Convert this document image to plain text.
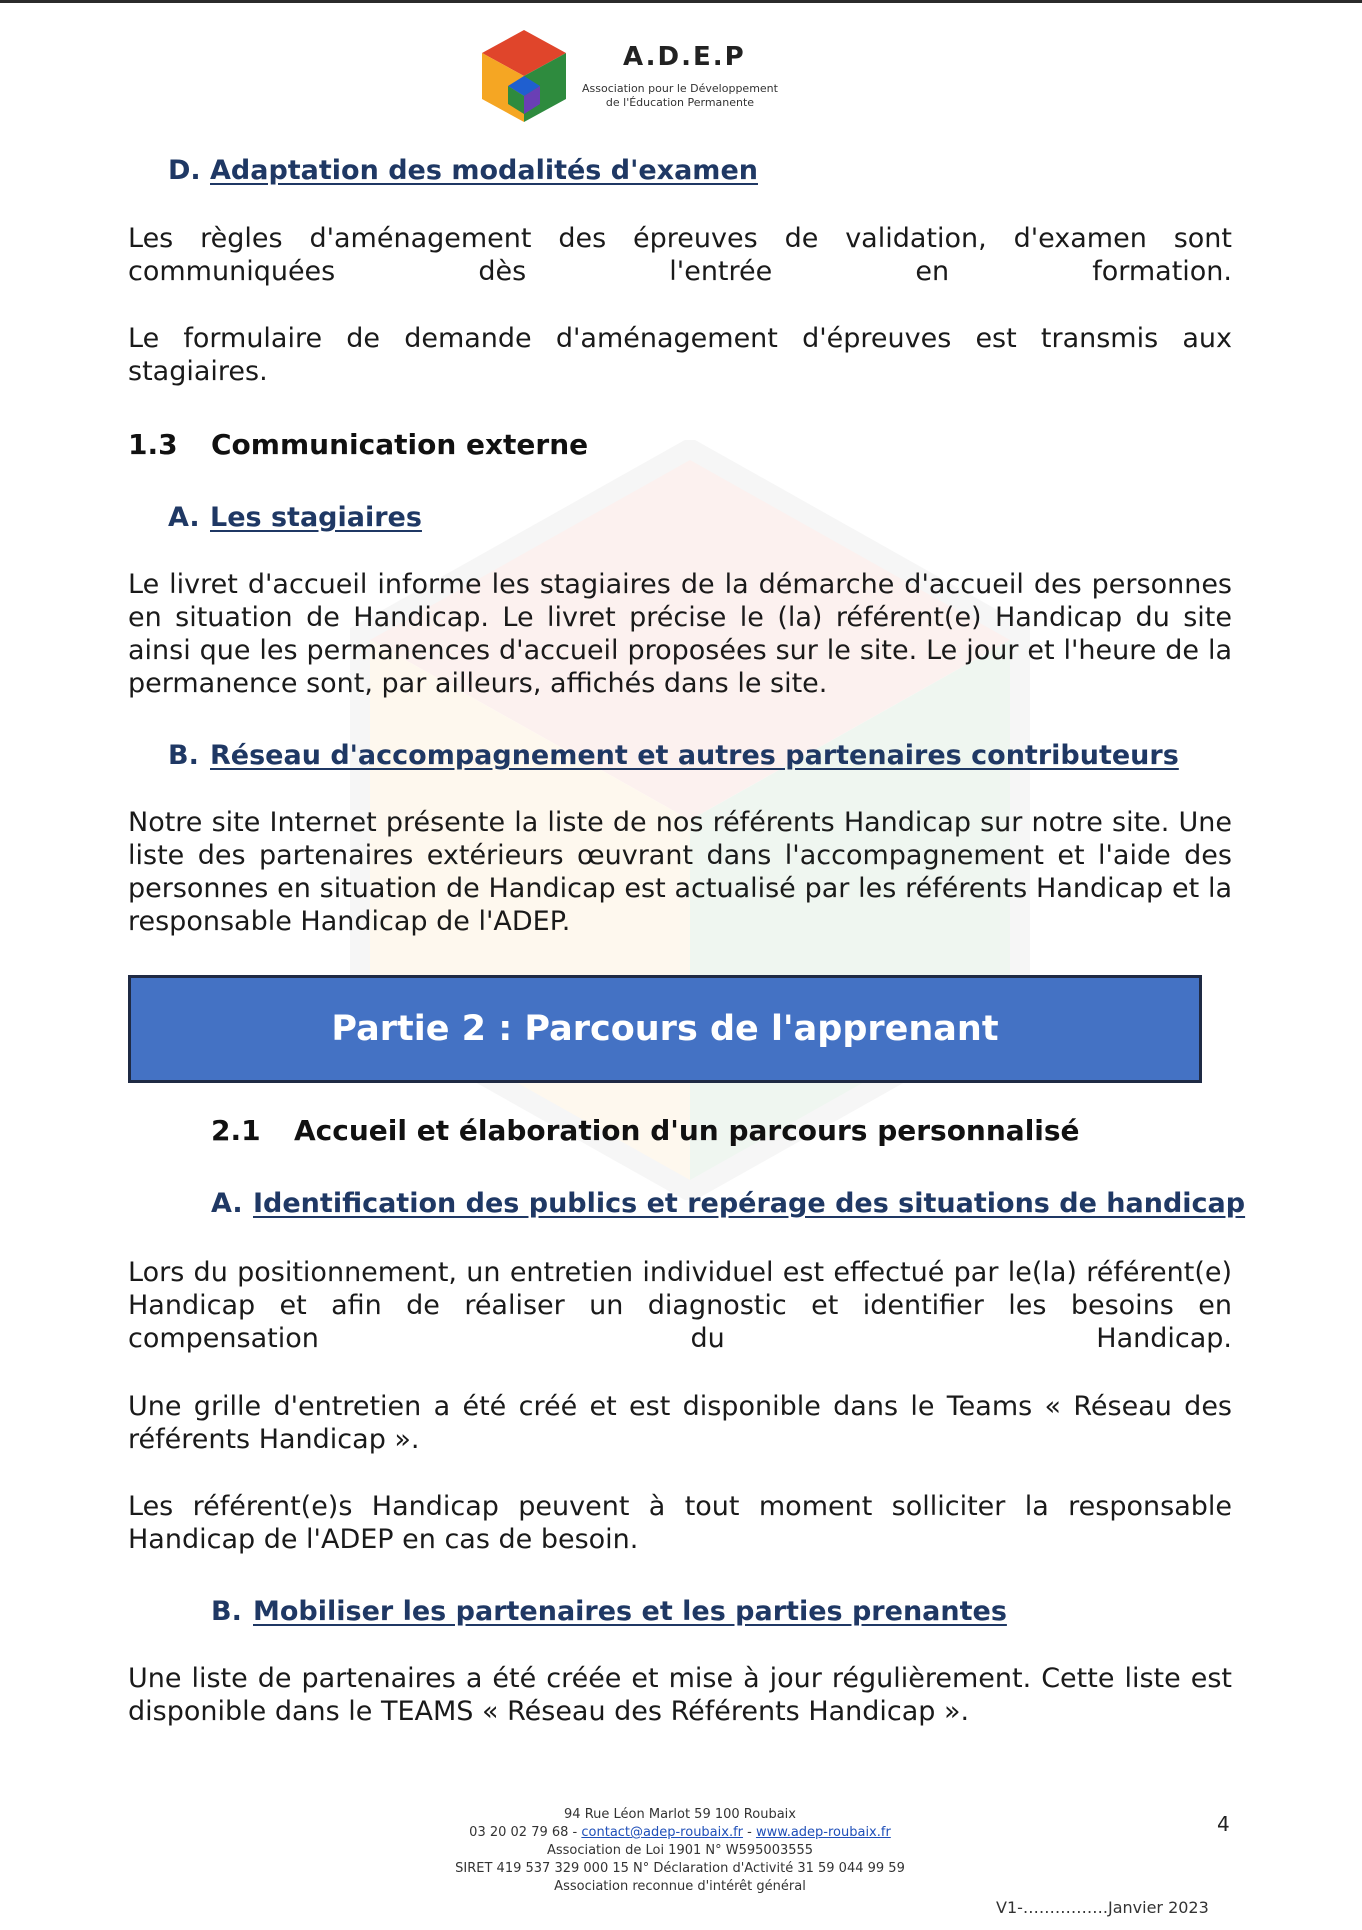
A.D.E.P
Association pour le Développement
de l'Éducation Permanente
D. Adaptation des modalités d'examen
Les règles d'aménagement des épreuves de validation, d'examen sont communiquées dès l'entrée en formation.
Le formulaire de demande d'aménagement d'épreuves est transmis aux stagiaires.
1.3 Communication externe
A. Les stagiaires
Le livret d'accueil informe les stagiaires de la démarche d'accueil des personnes en situation de Handicap. Le livret précise le (la) référent(e) Handicap du site ainsi que les permanences d'accueil proposées sur le site. Le jour et l'heure de la permanence sont, par ailleurs, affichés dans le site.
B. Réseau d'accompagnement et autres partenaires contributeurs
Notre site Internet présente la liste de nos référents Handicap sur notre site. Une liste des partenaires extérieurs œuvrant dans l'accompagnement et l'aide des personnes en situation de Handicap est actualisé par les référents Handicap et la responsable Handicap de l'ADEP.
Partie 2 : Parcours de l'apprenant
2.1 Accueil et élaboration d'un parcours personnalisé
A. Identification des publics et repérage des situations de handicap
Lors du positionnement, un entretien individuel est effectué par le(la) référent(e) Handicap et afin de réaliser un diagnostic et identifier les besoins en compensation du Handicap.
Une grille d'entretien a été créé et est disponible dans le Teams « Réseau des référents Handicap ».
Les référent(e)s Handicap peuvent à tout moment solliciter la responsable Handicap de l'ADEP en cas de besoin.
B. Mobiliser les partenaires et les parties prenantes
Une liste de partenaires a été créée et mise à jour régulièrement. Cette liste est disponible dans le TEAMS « Réseau des Référents Handicap ».
94 Rue Léon Marlot 59 100 Roubaix
03 20 02 79 68 - contact@adep-roubaix.fr - www.adep-roubaix.fr
Association de Loi 1901 N° W595003555
SIRET 419 537 329 000 15 N° Déclaration d'Activité 31 59 044 99 59
Association reconnue d'intérêt général
4
V1-…………….Janvier 2023
